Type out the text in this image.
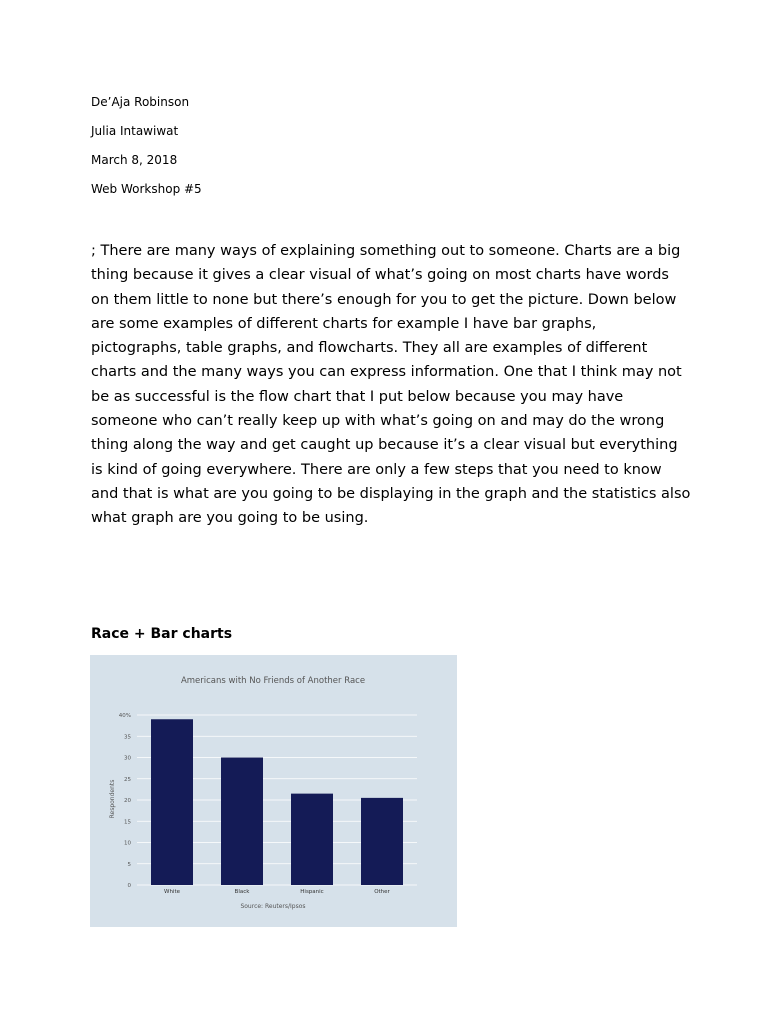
De’Aja Robinson
Julia Intawiwat
March 8, 2018
Web Workshop #5

; There are many ways of explaining something out to someone. Charts are a big thing because it gives a clear visual of what’s going on most charts have words on them little to none but there’s enough for you to get the picture. Down below are some examples of different charts for example I have bar graphs, pictographs, table graphs, and flowcharts. They all are examples of different charts and the many ways you can express information. One that I think may not be as successful is the flow chart that I put below because you may have someone who can’t really keep up with what’s going on and may do the wrong thing along the way and get caught up because it’s a clear visual but everything is kind of going everywhere. There are only a few steps that you need to know and that is what are you going to be displaying in the graph and the statistics also what graph are you going to be using.

Race + Bar charts
Americans with No Friends of Another Race
0
5
10
15
20
25
30
35
40%
White	Black	Hispanic	Other
Respondents
Source: Reuters/Ipsos
